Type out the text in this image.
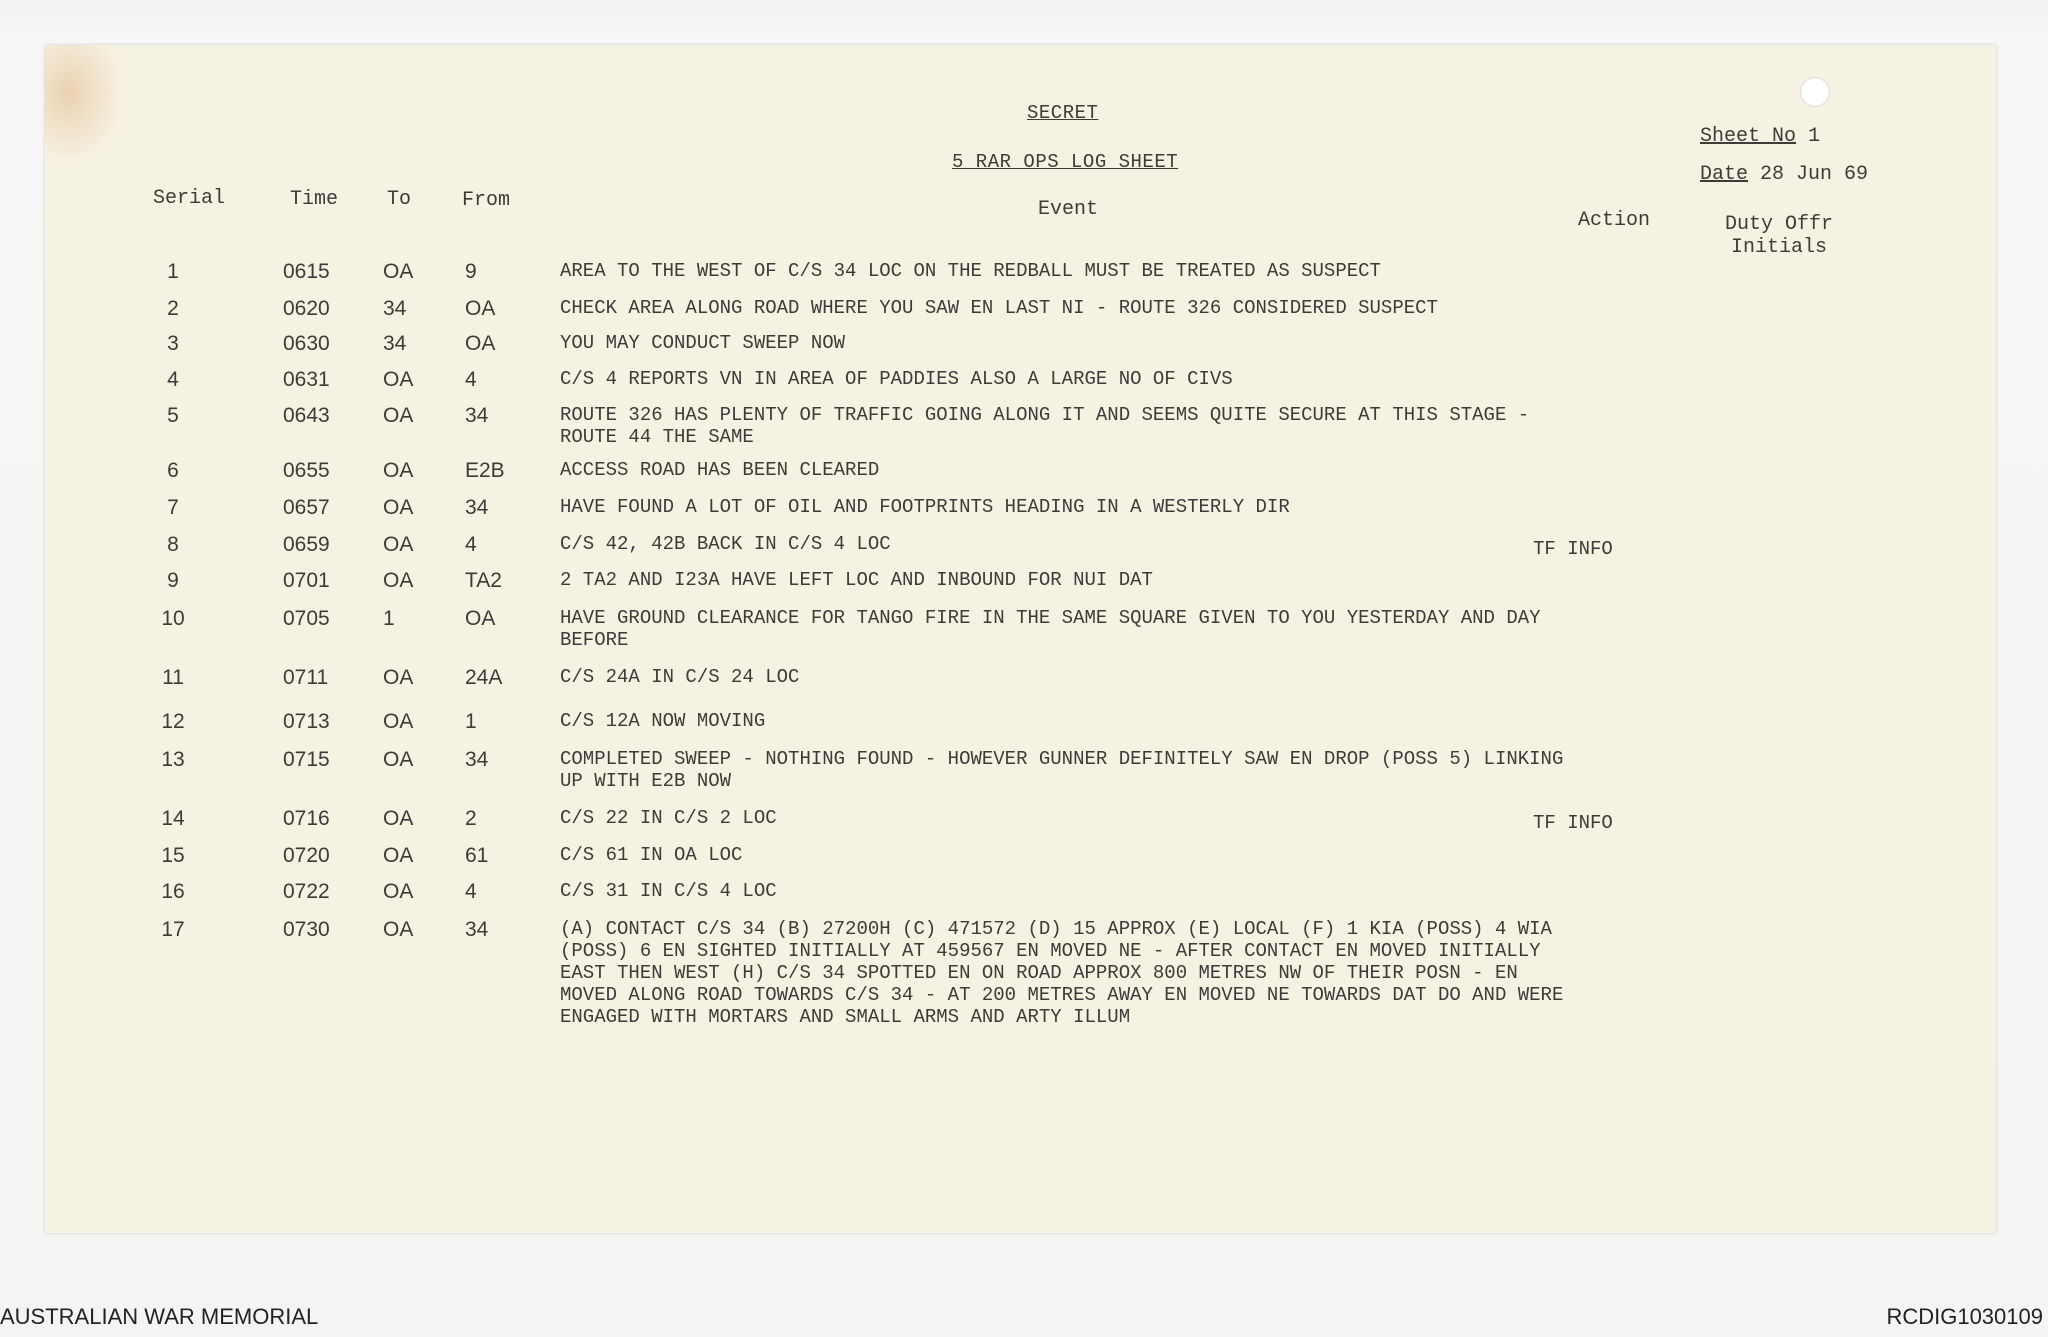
SECRET
5 RAR OPS LOG SHEET
Sheet No 1
Date 28 Jun 69
Serial	Time To	From	Event	Action	Duty Offr
Initials
1	0615	OA 9	AREA TO THE WEST OF C/S 34 LOC ON THE REDBALL MUST BE TREATED AS SUSPECT
2	0620	34	OA	CHECK AREA ALONG ROAD WHERE YOU SAW EN LAST NI - ROUTE 326 CONSIDERED SUSPECT
3	0630	34	OA	YOU MAY CONDUCT SWEEP NOW
4	0631	OA 4	C/S 4 REPORTS VN IN AREA OF PADDIES ALSO A LARGE NO OF CIVS
5	0643	OA 34	ROUTE 326 HAS PLENTY OF TRAFFIC GOING ALONG IT AND SEEMS QUITE SECURE AT THIS STAGE - ROUTE 44 THE SAME
6	0655	OA E2B	ACCESS ROAD HAS BEEN CLEARED
7	0657	OA 34	HAVE FOUND A LOT OF OIL AND FOOTPRINTS HEADING IN A WESTERLY DIR
8	0659	OA 4	C/S 42, 42B BACK IN C/S 4 LOC	TF INFO
9	0701	OA TA2	2 TA2 AND I23A HAVE LEFT LOC AND INBOUND FOR NUI DAT
10	0705	1	OA	HAVE GROUND CLEARANCE FOR TANGO FIRE IN THE SAME SQUARE GIVEN TO YOU YESTERDAY AND DAY BEFORE
11	0711	OA 24A	C/S 24A IN C/S 24 LOC
12	0713	OA 1	C/S 12A NOW MOVING
13	0715	OA 34	COMPLETED SWEEP - NOTHING FOUND - HOWEVER GUNNER DEFINITELY SAW EN DROP (POSS 5) LINKING UP WITH E2B NOW
14	0716	OA 2	C/S 22 IN C/S 2 LOC	TF INFO
15	0720	OA 61	C/S 61 IN OA LOC
16	0722	OA 4	C/S 31 IN C/S 4 LOC
17	0730	OA 34	(A) CONTACT C/S 34 (B) 27200H (C) 471572 (D) 15 APPROX (E) LOCAL (F) 1 KIA (POSS) 4 WIA (POSS) 6 EN SIGHTED INITIALLY AT 459567 EN MOVED NE - AFTER CONTACT EN MOVED INITIALLY EAST THEN WEST (H) C/S 34 SPOTTED EN ON ROAD APPROX 800 METRES NW OF THEIR POSN - EN MOVED ALONG ROAD TOWARDS C/S 34 - AT 200 METRES AWAY EN MOVED NE TOWARDS DAT DO AND WERE ENGAGED WITH MORTARS AND SMALL ARMS AND ARTY ILLUM
AUSTRALIAN WAR MEMORIAL	RCDIG1030109
